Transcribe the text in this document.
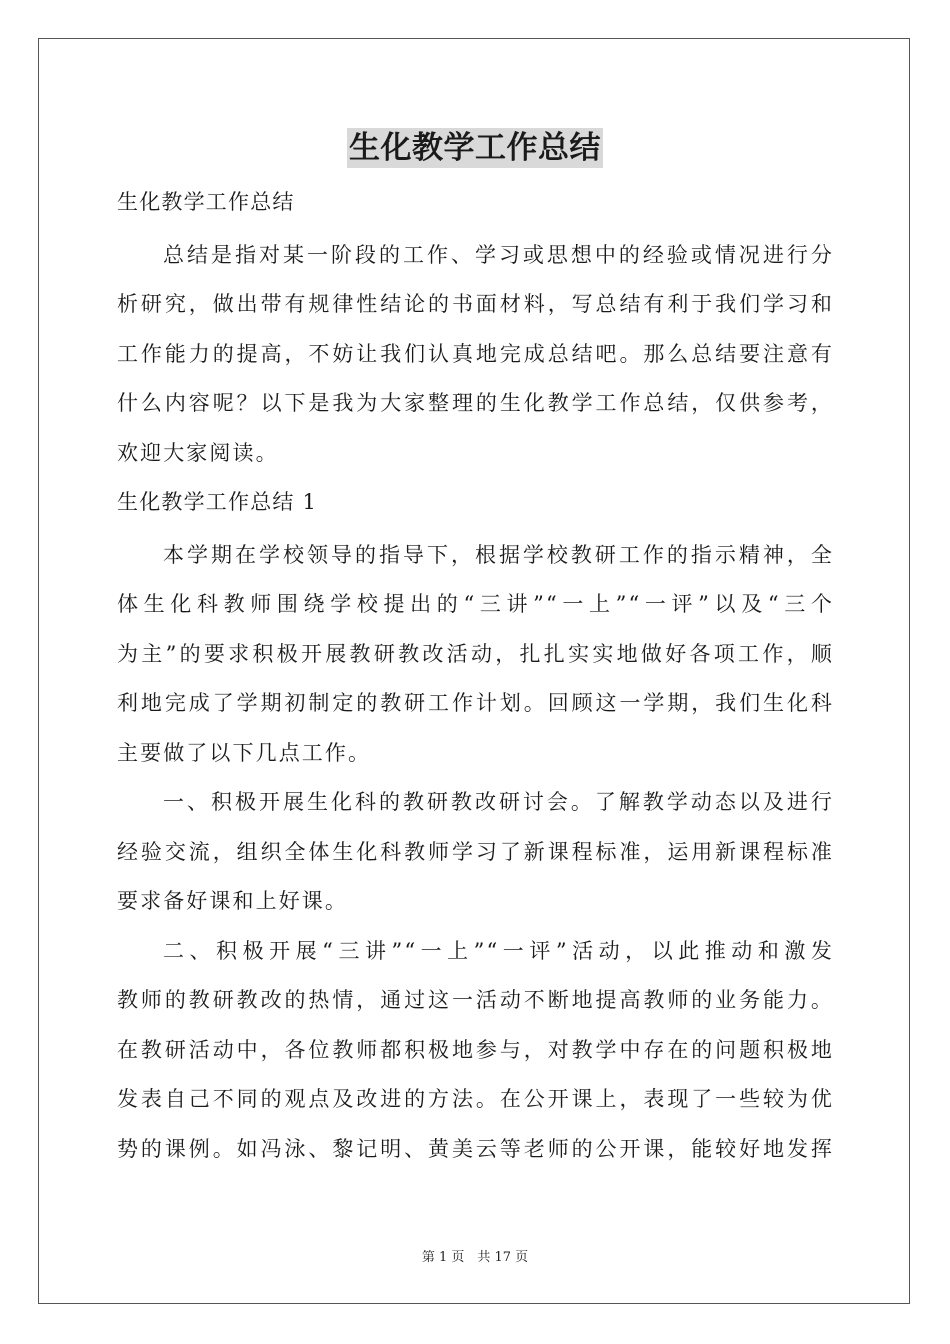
生化教学工作总结
生化教学工作总结
总结是指对某一阶段的工作、学习或思想中的经验或情况进行分
析研究，做出带有规律性结论的书面材料，写总结有利于我们学习和
工作能力的提高，不妨让我们认真地完成总结吧。那么总结要注意有
什么内容呢？以下是我为大家整理的生化教学工作总结，仅供参考，
欢迎大家阅读。
生化教学工作总结 1
本学期在学校领导的指导下，根据学校教研工作的指示精神，全
体生化科教师围绕学校提出的“三讲”“一上”“一评”以及“三个
为主”的要求积极开展教研教改活动，扎扎实实地做好各项工作，顺
利地完成了学期初制定的教研工作计划。回顾这一学期，我们生化科
主要做了以下几点工作。
一、积极开展生化科的教研教改研讨会。了解教学动态以及进行
经验交流，组织全体生化科教师学习了新课程标准，运用新课程标准
要求备好课和上好课。
二、积极开展“三讲”“一上”“一评”活动，以此推动和激发
教师的教研教改的热情，通过这一活动不断地提高教师的业务能力。
在教研活动中，各位教师都积极地参与，对教学中存在的问题积极地
发表自己不同的观点及改进的方法。在公开课上，表现了一些较为优
势的课例。如冯泳、黎记明、黄美云等老师的公开课，能较好地发挥
第 1 页　共 17 页
